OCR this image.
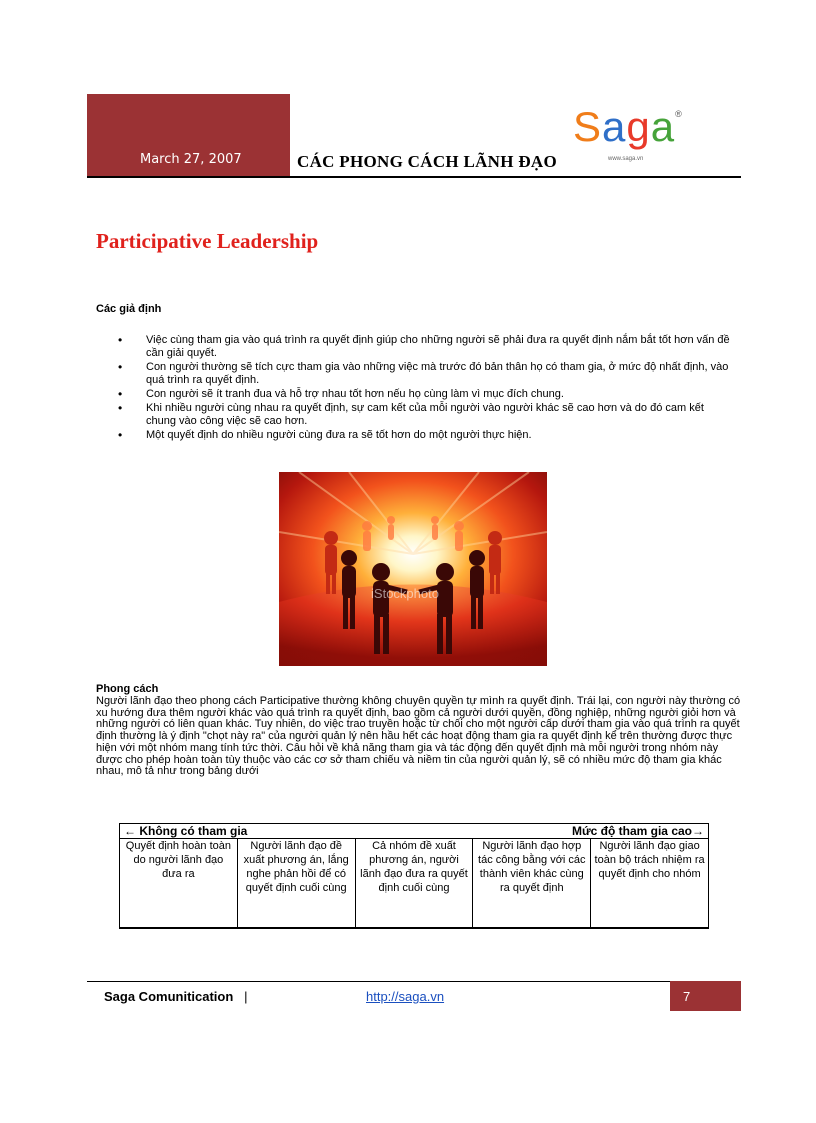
March 27, 2007	CÁC PHONG CÁCH LÃNH ĐẠO
Saga®
www.saga.vn
Participative Leadership
Các giả định
• Việc cùng tham gia vào quá trình ra quyết định giúp cho những người sẽ phải đưa ra quyết định nắm bắt tốt hơn vấn đề cần giải quyết.
• Con người thường sẽ tích cực tham gia vào những việc mà trước đó bản thân họ có tham gia, ở mức độ nhất định, vào quá trình ra quyết định.
• Con người sẽ ít tranh đua và hỗ trợ nhau tốt hơn nếu họ cùng làm vì mục đích chung.
• Khi nhiều người cùng nhau ra quyết định, sự cam kết của mỗi người vào người khác sẽ cao hơn và do đó cam kết chung vào công việc sẽ cao hơn.
• Một quyết định do nhiều người cùng đưa ra sẽ tốt hơn do một người thực hiện.
iStockphoto
Phong cách

Người lãnh đạo theo phong cách Participative thường không chuyên quyền tự mình ra quyết định. Trái lại, con người này thường có xu hướng đưa thêm người khác vào quá trình ra quyết định, bao gồm cả người dưới quyền, đồng nghiệp, những người giỏi hơn và những người có liên quan khác. Tuy nhiên, do việc trao truyền hoặc từ chối cho một người cấp dưới tham gia vào quá trình ra quyết định thường là ý định "chọt này ra" của người quản lý nên hầu hết các hoạt động tham gia ra quyết định kể trên thường được thực hiện với một nhóm mang tính tức thời. Câu hỏi về khả năng tham gia và tác động đến quyết định mà mỗi người trong nhóm này được cho phép hoàn toàn tùy thuộc vào các cơ sở tham chiếu và niềm tin của người quản lý, sẽ có nhiều mức độ tham gia khác nhau, mô tả như trong bảng dưới

← Không có tham gia	Mức độ tham gia cao→

Quyết định hoàn toàn do người lãnh đạo đưa ra	Người lãnh đạo đề xuất phương án, lắng nghe phản hồi để có quyết định cuối cùng	Cả nhóm đề xuất phương án, người lãnh đạo đưa ra quyết định cuối cùng	Người lãnh đạo hợp tác công bằng với các thành viên khác cùng ra quyết định	Người lãnh đạo giao toàn bộ trách nhiệm ra quyết định cho nhóm
Saga Comunitication |	http://saga.vn	7
